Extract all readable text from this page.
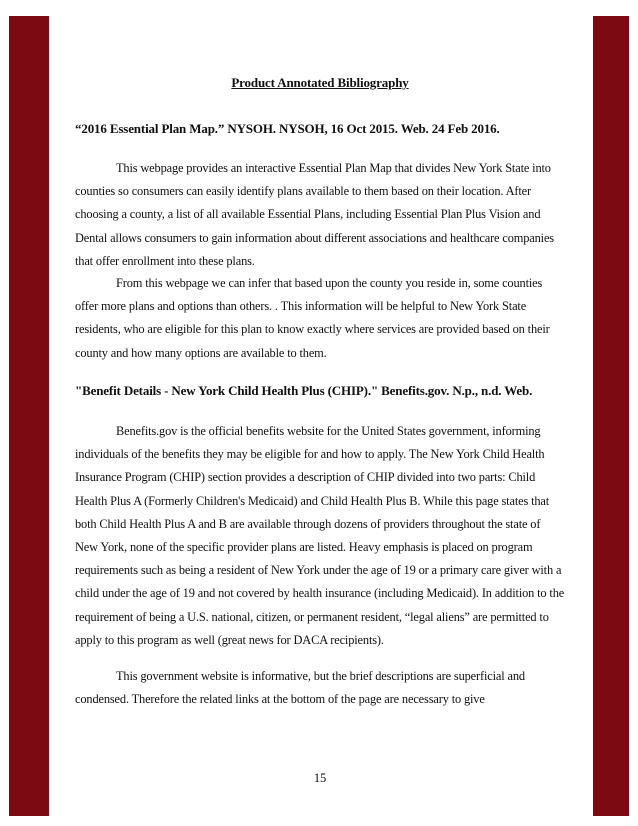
Product Annotated Bibliography
“2016 Essential Plan Map.” NYSOH. NYSOH, 16 Oct 2015. Web. 24 Feb 2016.
This webpage provides an interactive Essential Plan Map that divides New York State into counties so consumers can easily identify plans available to them based on their location. After choosing a county, a list of all available Essential Plans, including Essential Plan Plus Vision and Dental allows consumers to gain information about different associations and healthcare companies that offer enrollment into these plans.
From this webpage we can infer that based upon the county you reside in, some counties offer more plans and options than others. . This information will be helpful to New York State residents, who are eligible for this plan to know exactly where services are provided based on their county and how many options are available to them.
"Benefit Details - New York Child Health Plus (CHIP)." Benefits.gov. N.p., n.d. Web.
Benefits.gov is the official benefits website for the United States government, informing individuals of the benefits they may be eligible for and how to apply. The New York Child Health Insurance Program (CHIP) section provides a description of CHIP divided into two parts: Child Health Plus A (Formerly Children's Medicaid) and Child Health Plus B. While this page states that both Child Health Plus A and B are available through dozens of providers throughout the state of New York, none of the specific provider plans are listed. Heavy emphasis is placed on program requirements such as being a resident of New York under the age of 19 or a primary care giver with a child under the age of 19 and not covered by health insurance (including Medicaid). In addition to the requirement of being a U.S. national, citizen, or permanent resident, “legal aliens” are permitted to apply to this program as well (great news for DACA recipients).
This government website is informative, but the brief descriptions are superficial and condensed. Therefore the related links at the bottom of the page are necessary to give
15
